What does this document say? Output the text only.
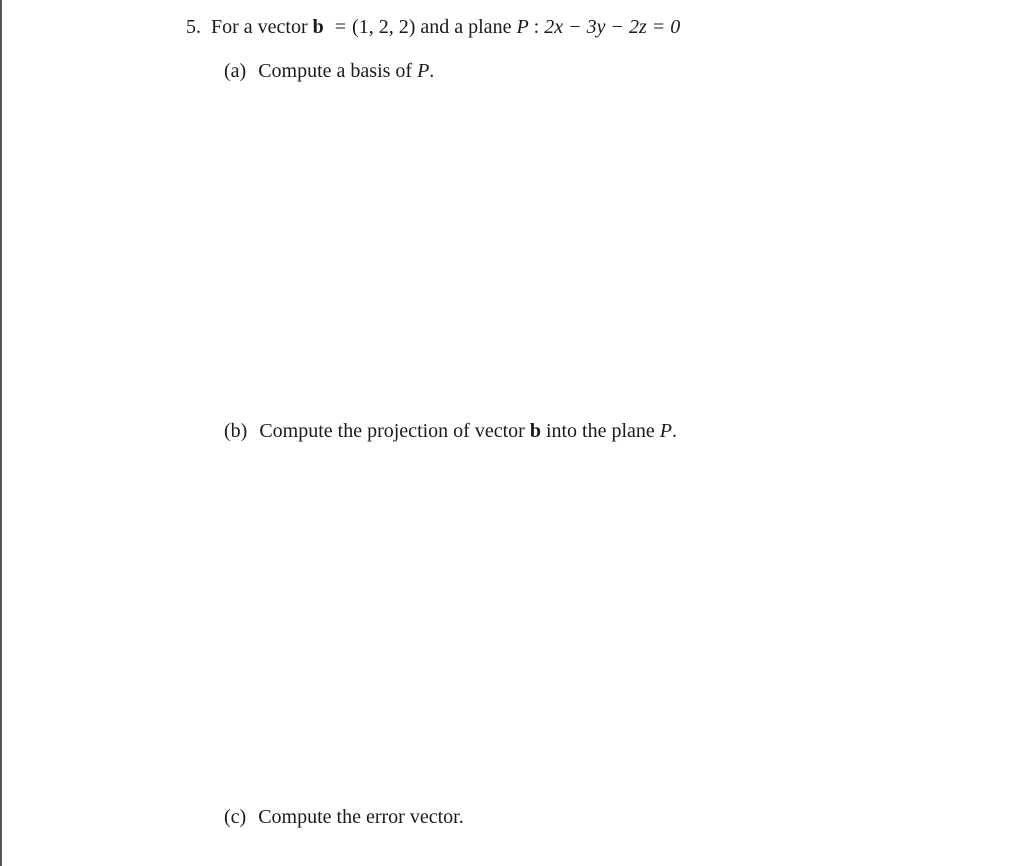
5. For a vector b = (1, 2, 2) and a plane P : 2x − 3y − 2z = 0
(a) Compute a basis of P.
(b) Compute the projection of vector b into the plane P.
(c) Compute the error vector.
